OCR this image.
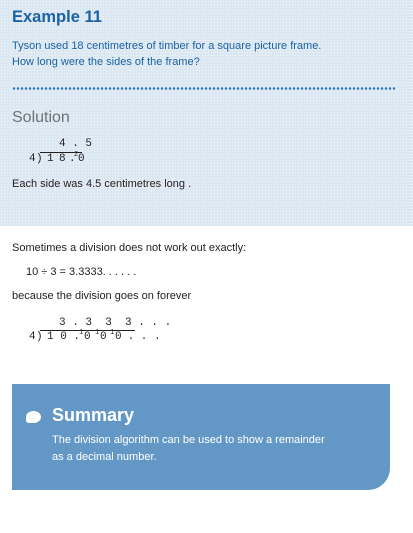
Example 11
Tyson used 18 centimetres of timber for a square picture frame.
How long were the sides of the frame?
Solution
4 . 5
4 ) 1 8 .
2 0
Each side was 4.5 centimetres long .
Sometimes a division does not work out exactly:
10 ÷ 3 = 3.3333. . . . . .
because the division goes on forever
3 . 3  3  3 . . .
4 ) 1 0 .
1 0 1 0 1 0 . . .
Summary
The division algorithm can be used to show a remainder
as a decimal number.
